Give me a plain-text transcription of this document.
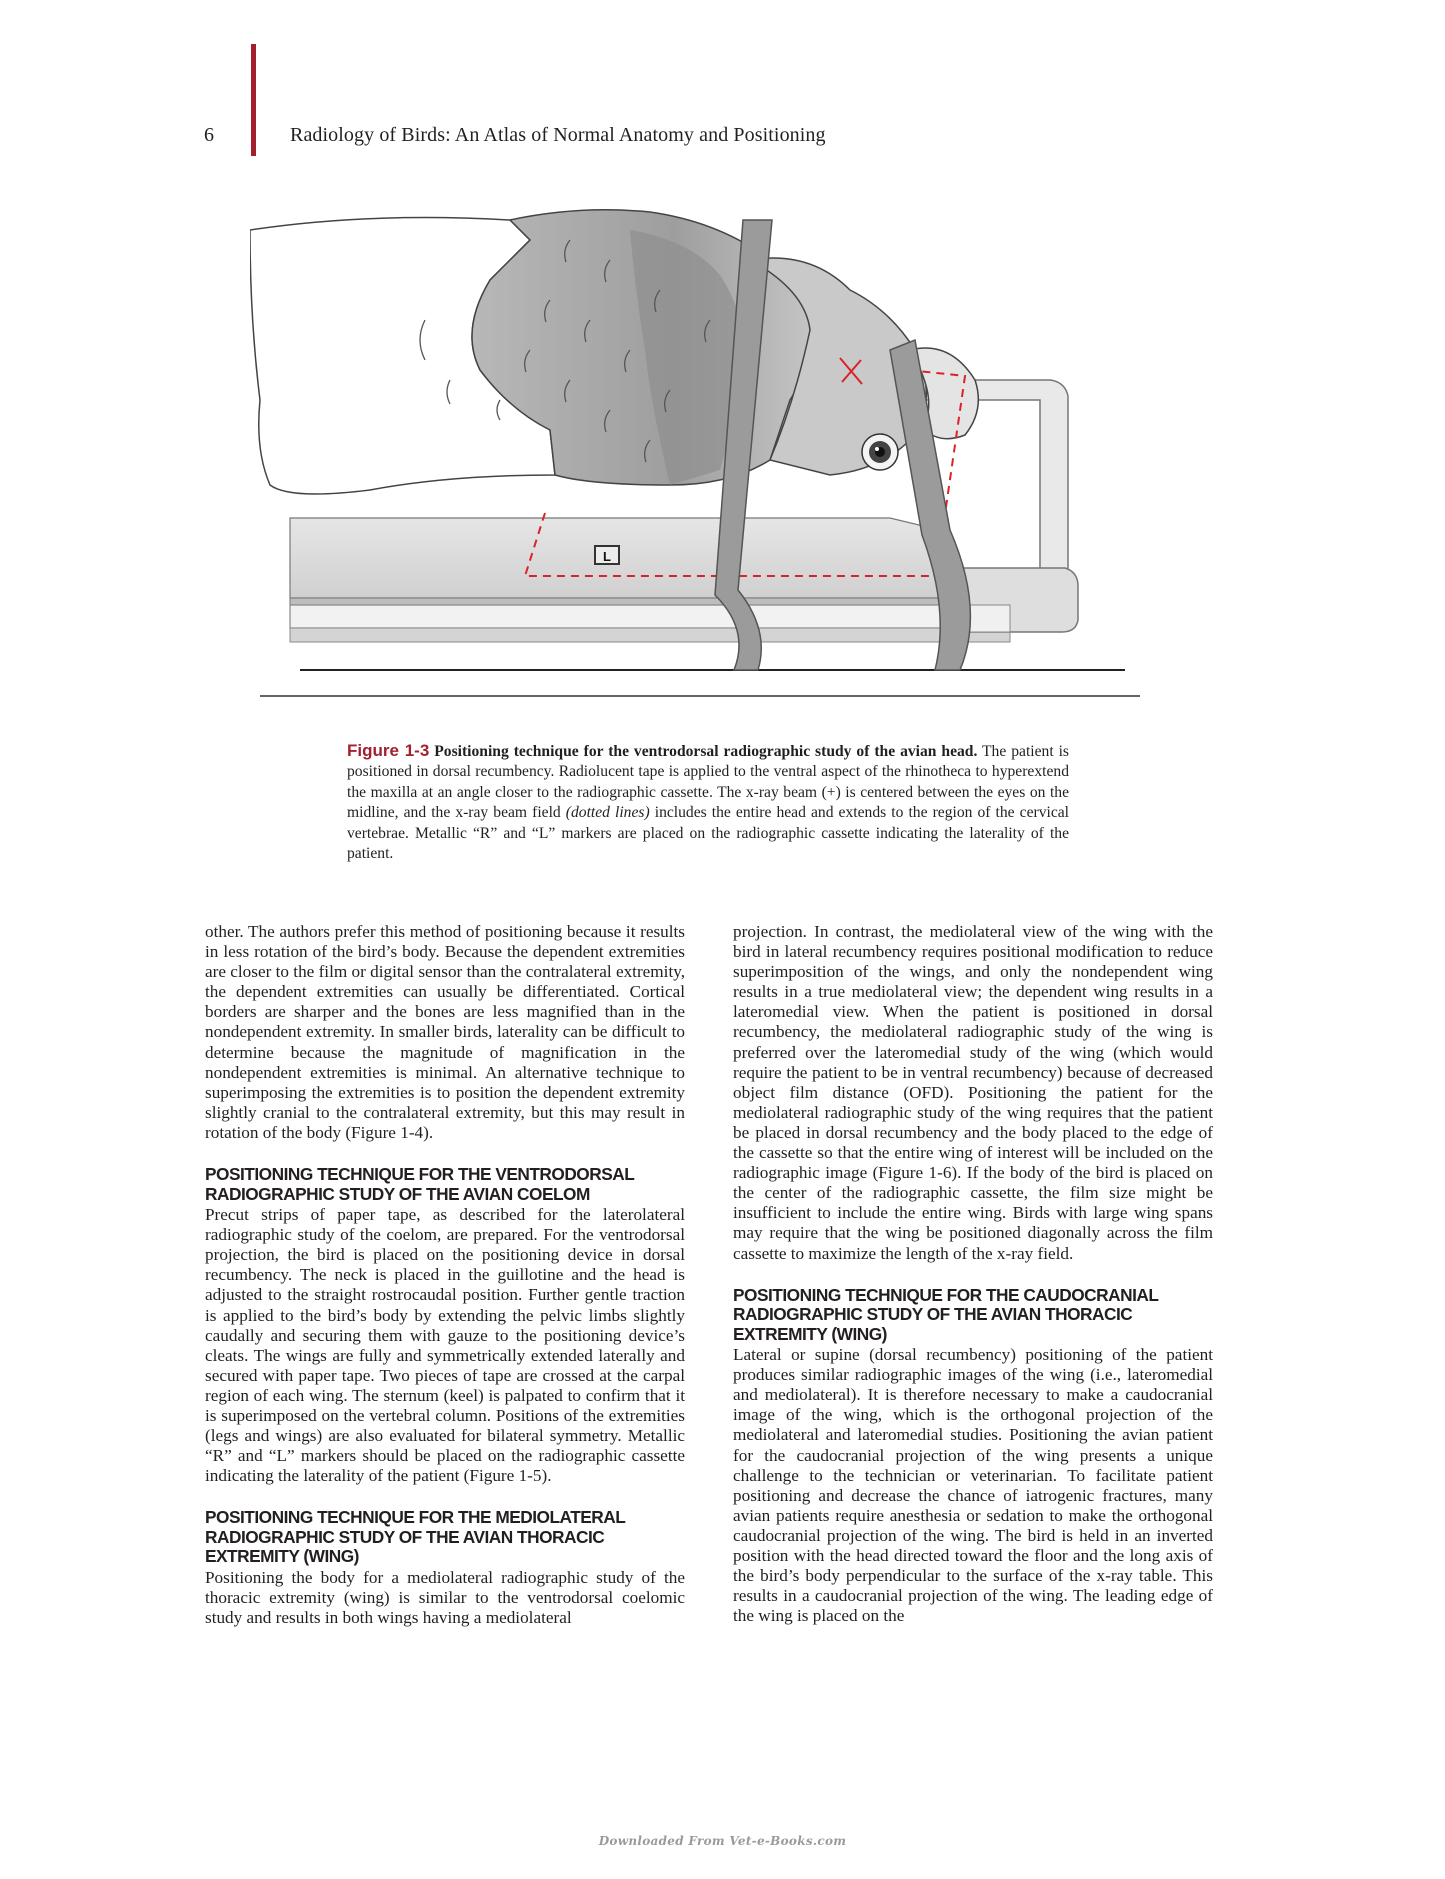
6	Radiology of Birds: An Atlas of Normal Anatomy and Positioning
L
Figure 1-3 Positioning technique for the ventrodorsal radiographic study of the avian head. The patient is positioned in dorsal recumbency. Radiolucent tape is applied to the ventral aspect of the rhinotheca to hyperextend the maxilla at an angle closer to the radiographic cassette. The x-ray beam (+) is centered between the eyes on the midline, and the x-ray beam field (dotted lines) includes the entire head and extends to the region of the cervical vertebrae. Metallic “R” and “L” markers are placed on the radiographic cassette indicating the laterality of the patient.

other. The authors prefer this method of positioning because it results in less rotation of the bird’s body. Because the dependent extremities are closer to the film or digital sensor than the contralateral extremity, the dependent extremities can usually be differentiated. Cortical borders are sharper and the bones are less magnified than in the nondependent extremity. In smaller birds, laterality can be difficult to determine because the magnitude of magnification in the nondependent extremities is minimal. An alternative technique to superimposing the extremities is to position the dependent extremity slightly cranial to the contralateral extremity, but this may result in rotation of the body (Figure 1-4).

POSITIONING TECHNIQUE FOR THE VENTRODORSAL RADIOGRAPHIC STUDY OF THE AVIAN COELOM

Precut strips of paper tape, as described for the laterolateral radiographic study of the coelom, are prepared. For the ventrodorsal projection, the bird is placed on the positioning device in dorsal recumbency. The neck is placed in the guillotine and the head is adjusted to the straight rostrocaudal position. Further gentle traction is applied to the bird’s body by extending the pelvic limbs slightly caudally and securing them with gauze to the positioning device’s cleats. The wings are fully and symmetrically extended laterally and secured with paper tape. Two pieces of tape are crossed at the carpal region of each wing. The sternum (keel) is palpated to confirm that it is superimposed on the vertebral column. Positions of the extremities (legs and wings) are also evaluated for bilateral symmetry. Metallic “R” and “L” markers should be placed on the radiographic cassette indicating the laterality of the patient (Figure 1-5).

POSITIONING TECHNIQUE FOR THE MEDIOLATERAL RADIOGRAPHIC STUDY OF THE AVIAN THORACIC EXTREMITY (WING)

Positioning the body for a mediolateral radiographic study of the thoracic extremity (wing) is similar to the ventrodorsal coelomic study and results in both wings having a mediolateral

projection. In contrast, the mediolateral view of the wing with the bird in lateral recumbency requires positional modification to reduce superimposition of the wings, and only the nondependent wing results in a true mediolateral view; the dependent wing results in a lateromedial view. When the patient is positioned in dorsal recumbency, the mediolateral radiographic study of the wing is preferred over the lateromedial study of the wing (which would require the patient to be in ventral recumbency) because of decreased object film distance (OFD). Positioning the patient for the mediolateral radiographic study of the wing requires that the patient be placed in dorsal recumbency and the body placed to the edge of the cassette so that the entire wing of interest will be included on the radiographic image (Figure 1-6). If the body of the bird is placed on the center of the radiographic cassette, the film size might be insufficient to include the entire wing. Birds with large wing spans may require that the wing be positioned diagonally across the film cassette to maximize the length of the x-ray field.

POSITIONING TECHNIQUE FOR THE CAUDOCRANIAL RADIOGRAPHIC STUDY OF THE AVIAN THORACIC EXTREMITY (WING)

Lateral or supine (dorsal recumbency) positioning of the patient produces similar radiographic images of the wing (i.e., lateromedial and mediolateral). It is therefore necessary to make a caudocranial image of the wing, which is the orthogonal projection of the mediolateral and lateromedial studies. Positioning the avian patient for the caudocranial projection of the wing presents a unique challenge to the technician or veterinarian. To facilitate patient positioning and decrease the chance of iatrogenic fractures, many avian patients require anesthesia or sedation to make the orthogonal caudocranial projection of the wing. The bird is held in an inverted position with the head directed toward the floor and the long axis of the bird’s body perpendicular to the surface of the x-ray table. This results in a caudocranial projection of the wing. The leading edge of the wing is placed on the

Downloaded From Vet-e-Books.com
